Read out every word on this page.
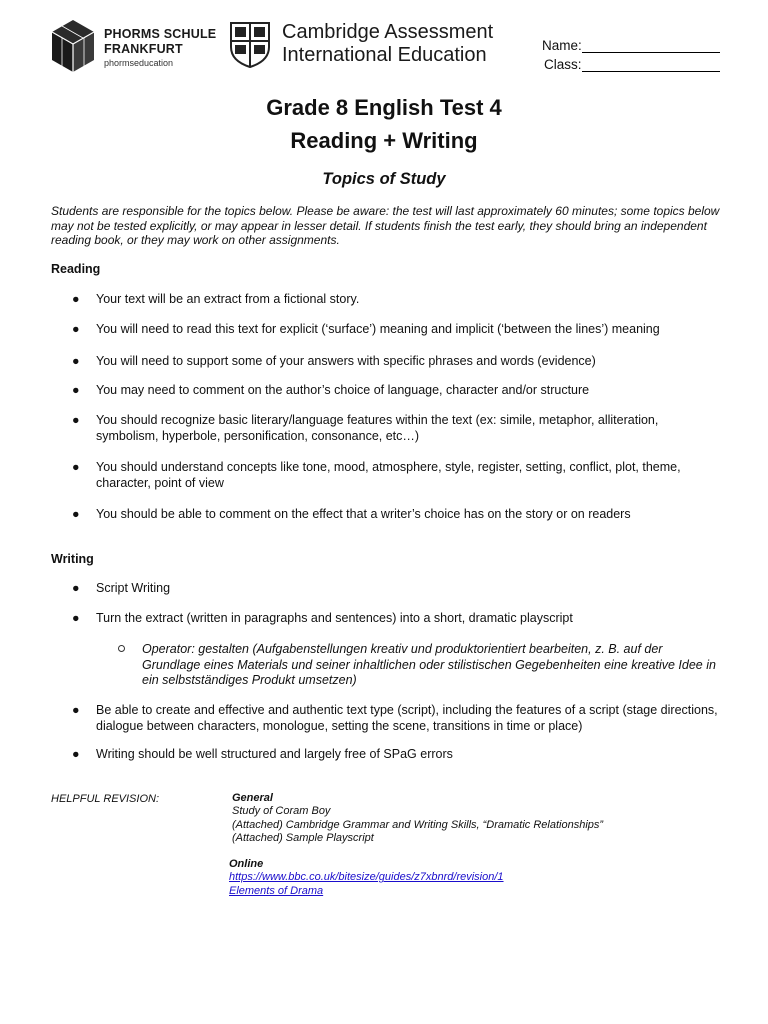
PHORMS SCHULE
FRANKFURT
phormseducation
Cambridge Assessment
International Education	Name:
Class:
Grade 8 English Test 4
Reading + Writing
Topics of Study
Students are responsible for the topics below. Please be aware: the test will last approximately 60 minutes; some topics below may not be tested explicitly, or may appear in lesser detail. If students finish the test early, they should bring an independent reading book, or they may work on other assignments.
Reading
● Your text will be an extract from a fictional story.
● You will need to read this text for explicit (‘surface’) meaning and implicit (‘between the lines’) meaning
● You will need to support some of your answers with specific phrases and words (evidence)
● You may need to comment on the author’s choice of language, character and/or structure
● You should recognize basic literary/language features within the text (ex: simile, metaphor, alliteration, symbolism, hyperbole, personification, consonance, etc…)
● You should understand concepts like tone, mood, atmosphere, style, register, setting, conflict, plot, theme, character, point of view
● You should be able to comment on the effect that a writer’s choice has on the story or on readers
Writing
● Script Writing
● Turn the extract (written in paragraphs and sentences) into a short, dramatic playscript
Operator: gestalten (Aufgabenstellungen kreativ und produktorientiert bearbeiten, z. B. auf der Grundlage eines Materials und seiner inhaltlichen oder stilistischen Gegebenheiten eine kreative Idee in ein selbstständiges Produkt umsetzen)
● Be able to create and effective and authentic text type (script), including the features of a script (stage directions, dialogue between characters, monologue, setting the scene, transitions in time or place)
● Writing should be well structured and largely free of SPaG errors
HELPFUL REVISION:	General
Study of Coram Boy
(Attached) Cambridge Grammar and Writing Skills, “Dramatic Relationships”
(Attached) Sample Playscript
Online
https://www.bbc.co.uk/bitesize/guides/z7xbnrd/revision/1
Elements of Drama
